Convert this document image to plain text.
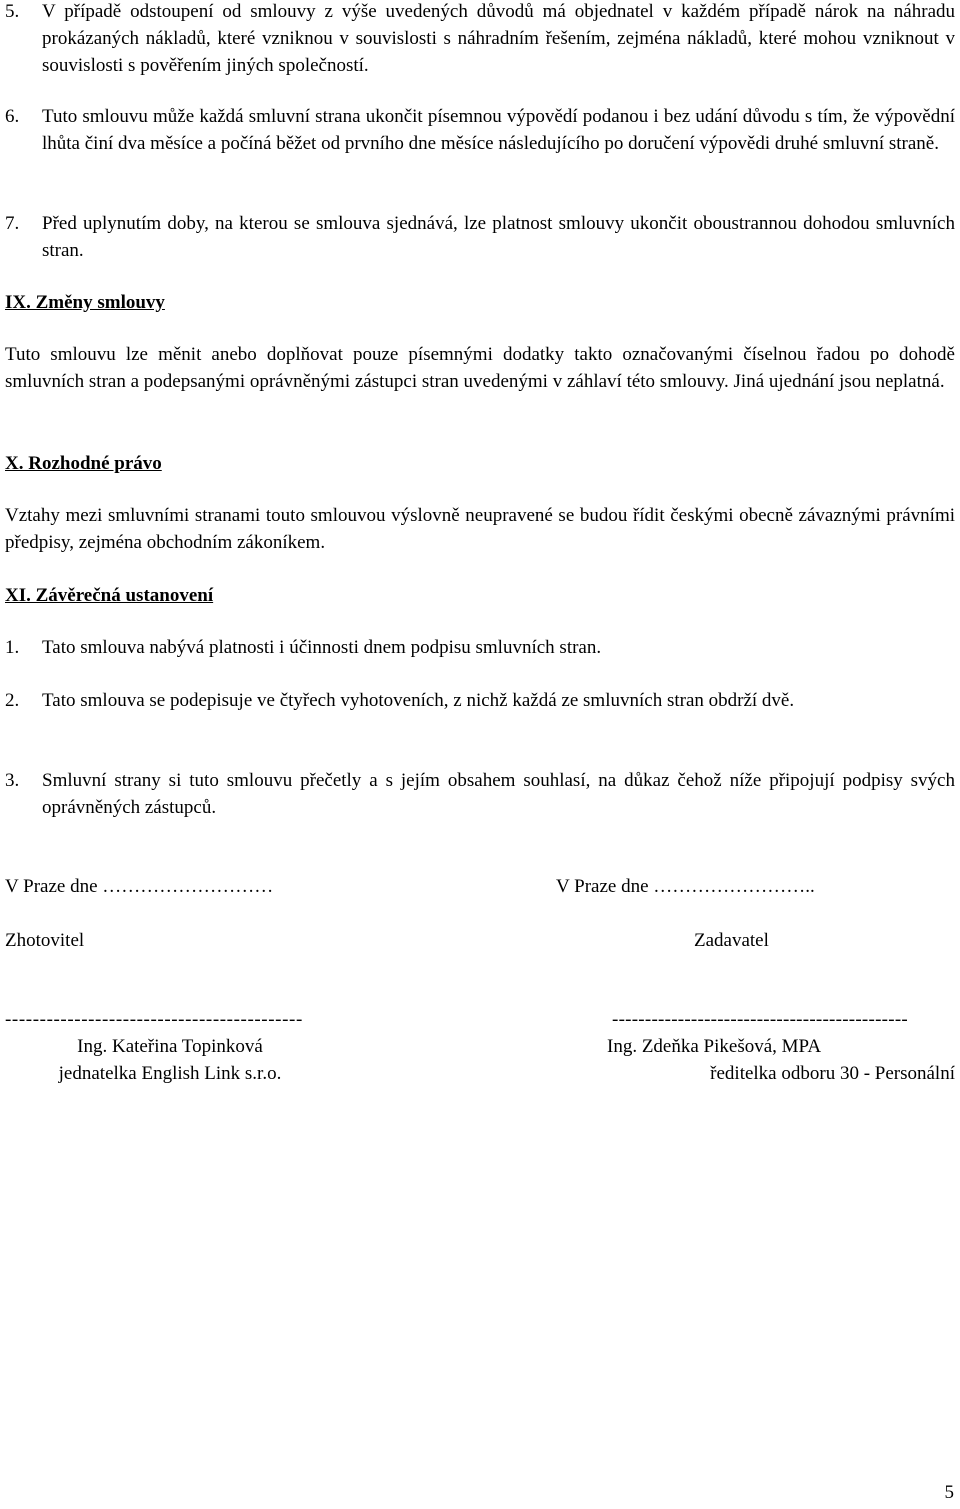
5. V případě odstoupení od smlouvy z výše uvedených důvodů má objednatel v každém případě nárok na náhradu prokázaných nákladů, které vzniknou v souvislosti s náhradním řešením, zejména nákladů, které mohou vzniknout v souvislosti s pověřením jiných společností.
6. Tuto smlouvu může každá smluvní strana ukončit písemnou výpovědí podanou i bez udání důvodu s tím, že výpovědní lhůta činí dva měsíce a počíná běžet od prvního dne měsíce následujícího po doručení výpovědi druhé smluvní straně.
7. Před uplynutím doby, na kterou se smlouva sjednává, lze platnost smlouvy ukončit oboustrannou dohodou smluvních stran.
IX. Změny smlouvy
Tuto smlouvu lze měnit anebo doplňovat pouze písemnými dodatky takto označovanými číselnou řadou po dohodě smluvních stran a podepsanými oprávněnými zástupci stran uvedenými v záhlaví této smlouvy. Jiná ujednání jsou neplatná.
X. Rozhodné právo
Vztahy mezi smluvními stranami touto smlouvou výslovně neupravené se budou řídit českými obecně závaznými právními předpisy, zejména obchodním zákoníkem.
XI. Závěrečná ustanovení
1. Tato smlouva nabývá platnosti i účinnosti dnem podpisu smluvních stran.
2. Tato smlouva se podepisuje ve čtyřech vyhotoveních, z nichž každá ze smluvních stran obdrží dvě.
3. Smluvní strany si tuto smlouvu přečetly a s jejím obsahem souhlasí, na důkaz čehož níže připojují podpisy svých oprávněných zástupců.
V Praze dne ………………………	V Praze dne ……………………..
Zhotovitel	Zadavatel
-------------------------------------------	---------------------------------------------
Ing. Kateřina Topinková	Ing. Zdeňka Pikešová, MPA
jednatelka English Link s.r.o.	ředitelka odboru 30 - Personální
5
